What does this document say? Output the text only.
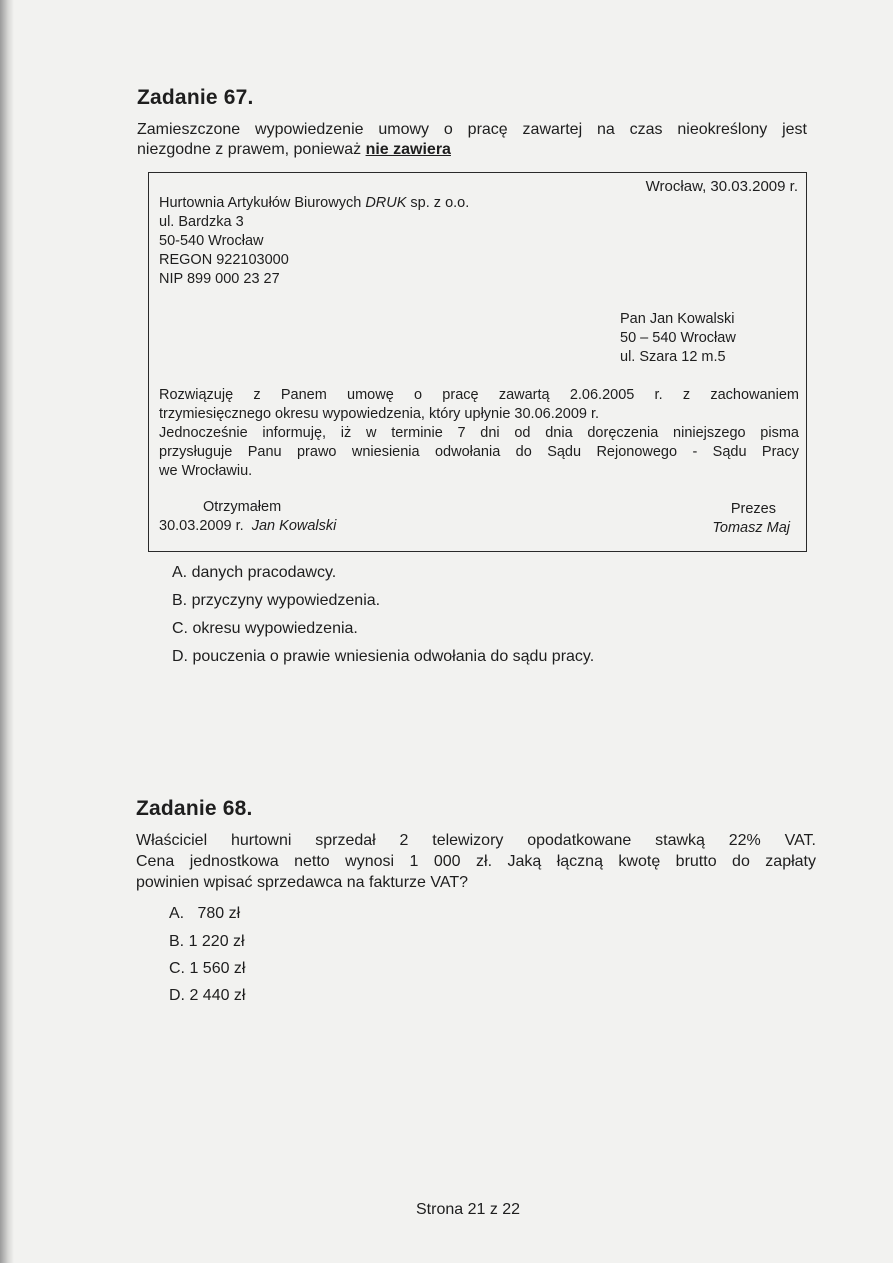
Zadanie 67.
Zamieszczone wypowiedzenie umowy o pracę zawartej na czas nieokreślony jest
niezgodne z prawem, ponieważ nie zawiera
Wrocław, 30.03.2009 r.
Hurtownia Artykułów Biurowych DRUK sp. z o.o.
ul. Bardzka 3
50-540 Wrocław
REGON 922103000
NIP 899 000 23 27
Pan Jan Kowalski
50 – 540 Wrocław
ul. Szara 12 m.5
Rozwiązuję z Panem umowę o pracę zawartą 2.06.2005 r. z zachowaniem
trzymiesięcznego okresu wypowiedzenia, który upłynie 30.06.2009 r.
Jednocześnie informuję, iż w terminie 7 dni od dnia doręczenia niniejszego pisma
przysługuje Panu prawo wniesienia odwołania do Sądu Rejonowego - Sądu Pracy
we Wrocławiu.
Otrzymałem
30.03.2009 r. Jan Kowalski
Prezes
Tomasz Maj
A. danych pracodawcy.
B. przyczyny wypowiedzenia.
C. okresu wypowiedzenia.
D. pouczenia o prawie wniesienia odwołania do sądu pracy.
Zadanie 68.
Właściciel hurtowni sprzedał 2 telewizory opodatkowane stawką 22% VAT.
Cena jednostkowa netto wynosi 1 000 zł. Jaką łączną kwotę brutto do zapłaty
powinien wpisać sprzedawca na fakturze VAT?
A.   780 zł
B. 1 220 zł
C. 1 560 zł
D. 2 440 zł
Strona 21 z 22
